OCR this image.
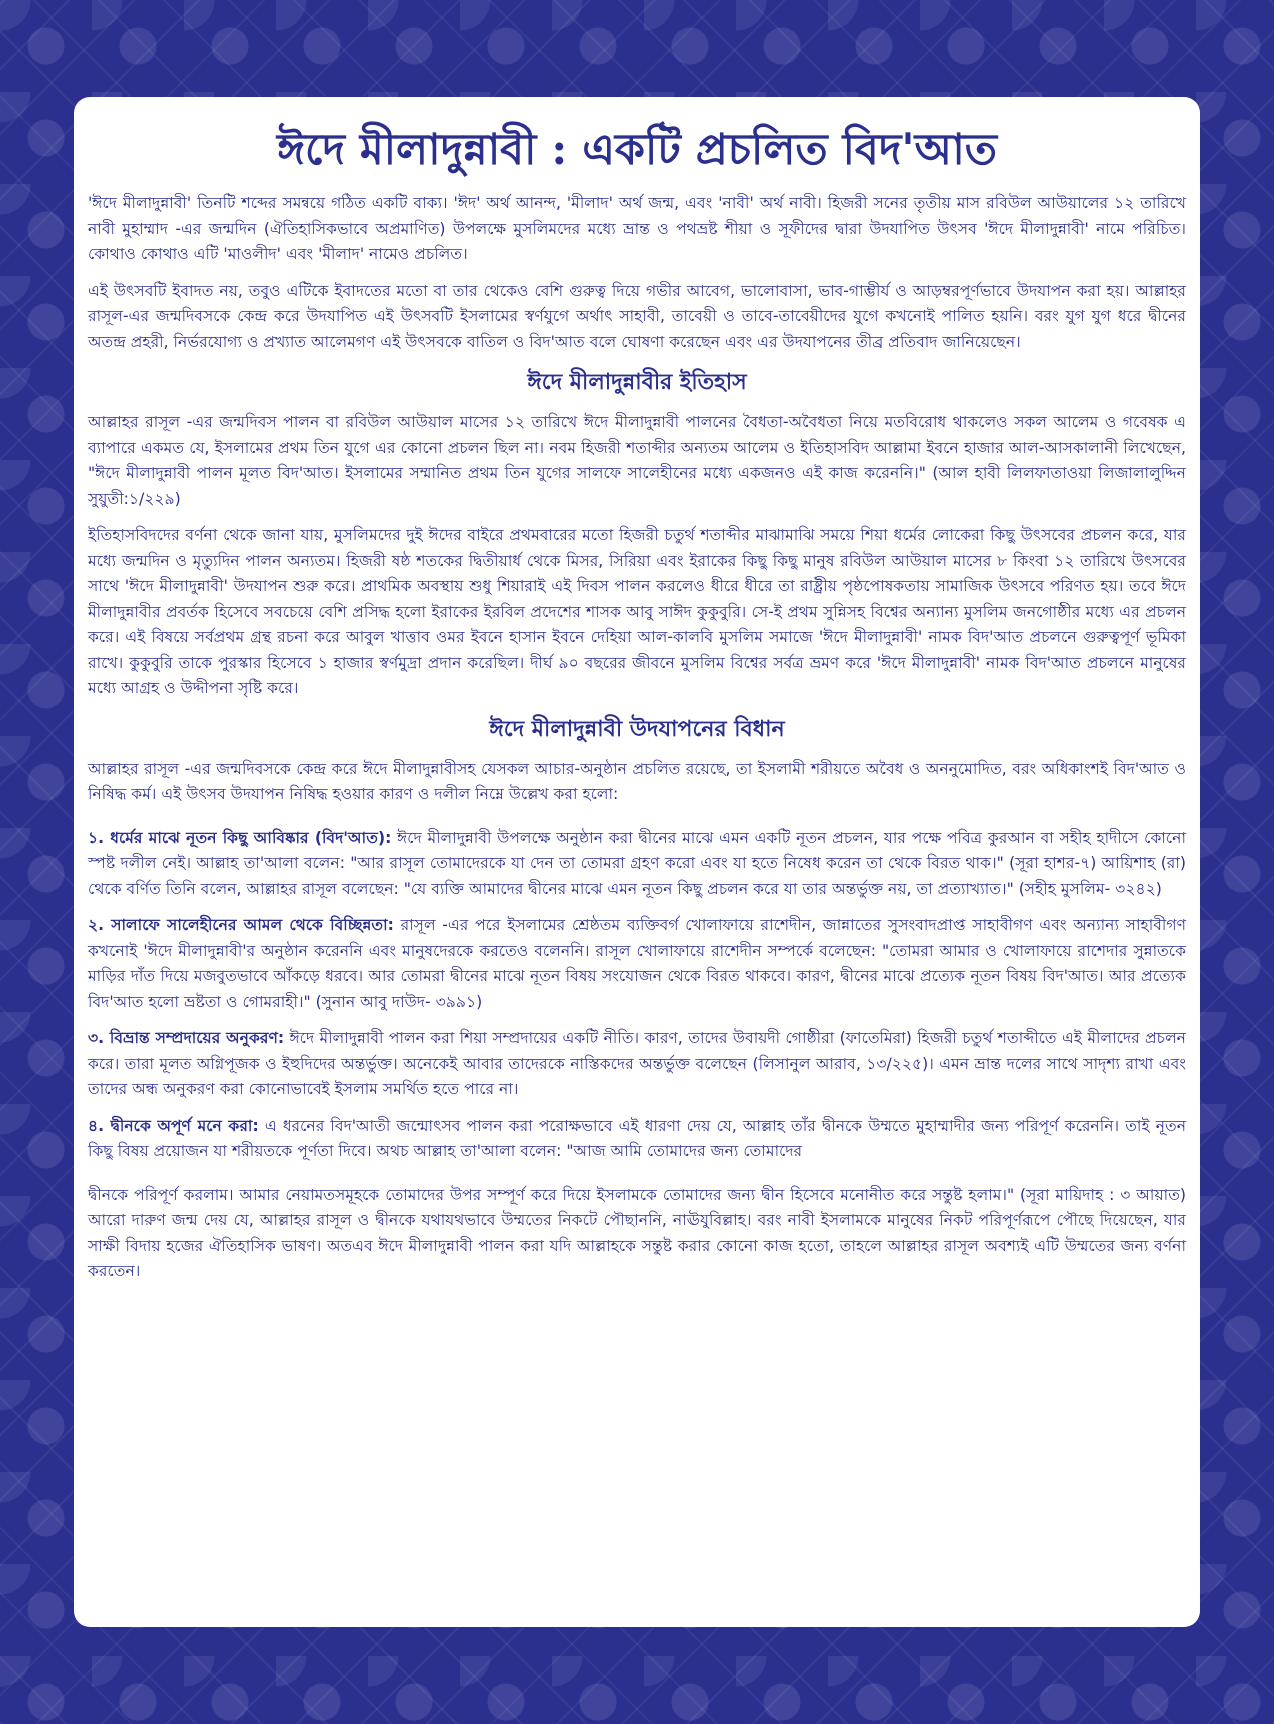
ঈদে মীলাদুন্নাবী : একটি প্রচলিত বিদ'আত

'ঈদে মীলাদুন্নাবী' তিনটি শব্দের সমন্বয়ে গঠিত একটি বাক্য। 'ঈদ' অর্থ আনন্দ, 'মীলাদ' অর্থ জন্ম, এবং 'নাবী' অর্থ নাবী। হিজরী সনের তৃতীয় মাস রবিউল আউয়ালের ১২ তারিখে নাবী মুহাম্মাদ -এর জন্মদিন (ঐতিহাসিকভাবে অপ্রমাণিত) উপলক্ষে মুসলিমদের মধ্যে ভ্রান্ত ও পথভ্রষ্ট শীয়া ও সূফীদের দ্বারা উদযাপিত উৎসব 'ঈদে মীলাদুন্নাবী' নামে পরিচিত। কোথাও কোথাও এটি 'মাওলীদ' এবং 'মীলাদ' নামেও প্রচলিত।

এই উৎসবটি ইবাদত নয়, তবুও এটিকে ইবাদতের মতো বা তার থেকেও বেশি গুরুত্ব দিয়ে গভীর আবেগ, ভালোবাসা, ভাব-গাম্ভীর্য ও আড়ম্বরপূর্ণভাবে উদযাপন করা হয়। আল্লাহর রাসূল-এর জন্মদিবসকে কেন্দ্র করে উদযাপিত এই উৎসবটি ইসলামের স্বর্ণযুগে অর্থাৎ সাহাবী, তাবেয়ী ও তাবে-তাবেয়ীদের যুগে কখনোই পালিত হয়নি। বরং যুগ যুগ ধরে দ্বীনের অতন্দ্র প্রহরী, নির্ভরযোগ্য ও প্রখ্যাত আলেমগণ এই উৎসবকে বাতিল ও বিদ'আত বলে ঘোষণা করেছেন এবং এর উদযাপনের তীব্র প্রতিবাদ জানিয়েছেন।

ঈদে মীলাদুন্নাবীর ইতিহাস

আল্লাহর রাসূল -এর জন্মদিবস পালন বা রবিউল আউয়াল মাসের ১২ তারিখে ঈদে মীলাদুন্নাবী পালনের বৈধতা-অবৈধতা নিয়ে মতবিরোধ থাকলেও সকল আলেম ও গবেষক এ ব্যাপারে একমত যে, ইসলামের প্রথম তিন যুগে এর কোনো প্রচলন ছিল না। নবম হিজরী শতাব্দীর অন্যতম আলেম ও ইতিহাসবিদ আল্লামা ইবনে হাজার আল-আসকালানী লিখেছেন, "ঈদে মীলাদুন্নাবী পালন মূলত বিদ'আত। ইসলামের সম্মানিত প্রথম তিন যুগের সালফে সালেহীনের মধ্যে একজনও এই কাজ করেননি।" (আল হাবী লিলফাতাওয়া লিজালালুদ্দিন সুয়ুতী:১/২২৯)

ইতিহাসবিদদের বর্ণনা থেকে জানা যায়, মুসলিমদের দুই ঈদের বাইরে প্রথমবারের মতো হিজরী চতুর্থ শতাব্দীর মাঝামাঝি সময়ে শিয়া ধর্মের লোকেরা কিছু উৎসবের প্রচলন করে, যার মধ্যে জন্মদিন ও মৃত্যুদিন পালন অন্যতম। হিজরী ষষ্ঠ শতকের দ্বিতীয়ার্ধ থেকে মিসর, সিরিয়া এবং ইরাকের কিছু কিছু মানুষ রবিউল আউয়াল মাসের ৮ কিংবা ১২ তারিখে উৎসবের সাথে 'ঈদে মীলাদুন্নাবী' উদযাপন শুরু করে। প্রাথমিক অবস্থায় শুধু শিয়ারাই এই দিবস পালন করলেও ধীরে ধীরে তা রাষ্ট্রীয় পৃষ্ঠপোষকতায় সামাজিক উৎসবে পরিণত হয়। তবে ঈদে মীলাদুন্নাবীর প্রবর্তক হিসেবে সবচেয়ে বেশি প্রসিদ্ধ হলো ইরাকের ইরবিল প্রদেশের শাসক আবু সাঈদ কুকুবুরি। সে-ই প্রথম সুন্নিসহ বিশ্বের অন্যান্য মুসলিম জনগোষ্ঠীর মধ্যে এর প্রচলন করে। এই বিষয়ে সর্বপ্রথম গ্রন্থ রচনা করে আবুল খাত্তাব ওমর ইবনে হাসান ইবনে দেহিয়া আল-কালবি মুসলিম সমাজে 'ঈদে মীলাদুন্নাবী' নামক বিদ'আত প্রচলনে গুরুত্বপূর্ণ ভূমিকা রাখে। কুকুবুরি তাকে পুরস্কার হিসেবে ১ হাজার স্বর্ণমুদ্রা প্রদান করেছিল। দীর্ঘ ৯০ বছরের জীবনে মুসলিম বিশ্বের সর্বত্র ভ্রমণ করে 'ঈদে মীলাদুন্নাবী' নামক বিদ'আত প্রচলনে মানুষের মধ্যে আগ্রহ ও উদ্দীপনা সৃষ্টি করে।

ঈদে মীলাদুন্নাবী উদযাপনের বিধান

আল্লাহর রাসূল -এর জন্মদিবসকে কেন্দ্র করে ঈদে মীলাদুন্নাবীসহ যেসকল আচার-অনুষ্ঠান প্রচলিত রয়েছে, তা ইসলামী শরীয়তে অবৈধ ও অননুমোদিত, বরং অধিকাংশই বিদ'আত ও নিষিদ্ধ কর্ম। এই উৎসব উদযাপন নিষিদ্ধ হওয়ার কারণ ও দলীল নিম্নে উল্লেখ করা হলো:

১. ধর্মের মাঝে নূতন কিছু আবিষ্কার (বিদ'আত): ঈদে মীলাদুন্নাবী উপলক্ষে অনুষ্ঠান করা দ্বীনের মাঝে এমন একটি নূতন প্রচলন, যার পক্ষে পবিত্র কুরআন বা সহীহ হাদীসে কোনো স্পষ্ট দলীল নেই। আল্লাহ তা'আলা বলেন: "আর রাসূল তোমাদেরকে যা দেন তা তোমরা গ্রহণ করো এবং যা হতে নিষেধ করেন তা থেকে বিরত থাক।" (সূরা হাশর-৭) আয়িশাহ (রা) থেকে বর্ণিত তিনি বলেন, আল্লাহর রাসূল বলেছেন: "যে ব্যক্তি আমাদের দ্বীনের মাঝে এমন নূতন কিছু প্রচলন করে যা তার অন্তর্ভুক্ত নয়, তা প্রত্যাখ্যাত।" (সহীহ মুসলিম- ৩২৪২)

২. সালাফে সালেহীনের আমল থেকে বিচ্ছিন্নতা: রাসূল -এর পরে ইসলামের শ্রেষ্ঠতম ব্যক্তিবর্গ খোলাফায়ে রাশেদীন, জান্নাতের সুসংবাদপ্রাপ্ত সাহাবীগণ এবং অন্যান্য সাহাবীগণ কখনোই 'ঈদে মীলাদুন্নাবী'র অনুষ্ঠান করেননি এবং মানুষদেরকে করতেও বলেননি। রাসূল খোলাফায়ে রাশেদীন সম্পর্কে বলেছেন: "তোমরা আমার ও খোলাফায়ে রাশেদার সুন্নাতকে মাড়ির দাঁত দিয়ে মজবুতভাবে আঁকড়ে ধরবে। আর তোমরা দ্বীনের মাঝে নূতন বিষয় সংযোজন থেকে বিরত থাকবে। কারণ, দ্বীনের মাঝে প্রত্যেক নূতন বিষয় বিদ'আত। আর প্রত্যেক বিদ'আত হলো ভ্রষ্টতা ও গোমরাহী।" (সুনান আবু দাউদ- ৩৯৯১)

৩. বিভ্রান্ত সম্প্রদায়ের অনুকরণ: ঈদে মীলাদুন্নাবী পালন করা শিয়া সম্প্রদায়ের একটি নীতি। কারণ, তাদের উবায়দী গোষ্ঠীরা (ফাতেমিরা) হিজরী চতুর্থ শতাব্দীতে এই মীলাদের প্রচলন করে। তারা মূলত অগ্নিপূজক ও ইহুদিদের অন্তর্ভুক্ত। অনেকেই আবার তাদেরকে নাস্তিকদের অন্তর্ভুক্ত বলেছেন (লিসানুল আরাব, ১৩/২২৫)। এমন ভ্রান্ত দলের সাথে সাদৃশ্য রাখা এবং তাদের অন্ধ অনুকরণ করা কোনোভাবেই ইসলাম সমর্থিত হতে পারে না।

৪. দ্বীনকে অপূর্ণ মনে করা: এ ধরনের বিদ'আতী জন্মোৎসব পালন করা পরোক্ষভাবে এই ধারণা দেয় যে, আল্লাহ তাঁর দ্বীনকে উম্মতে মুহাম্মাদীর জন্য পরিপূর্ণ করেননি। তাই নূতন কিছু বিষয় প্রয়োজন যা শরীয়তকে পূর্ণতা দিবে। অথচ আল্লাহ তা'আলা বলেন: "আজ আমি তোমাদের জন্য তোমাদের

দ্বীনকে পরিপূর্ণ করলাম। আমার নেয়ামতসমূহকে তোমাদের উপর সম্পূর্ণ করে দিয়ে ইসলামকে তোমাদের জন্য দ্বীন হিসেবে মনোনীত করে সন্তুষ্ট হলাম।" (সূরা মায়িদাহ : ৩ আয়াত) আরো দারুণ জন্ম দেয় যে, আল্লাহর রাসূল ও দ্বীনকে যথাযথভাবে উম্মতের নিকটে পৌছাননি, নাঊযুবিল্লাহ। বরং নাবী ইসলামকে মানুষের নিকট পরিপূর্ণরূপে পৌছে দিয়েছেন, যার সাক্ষী বিদায় হজের ঐতিহাসিক ভাষণ। অতএব ঈদে মীলাদুন্নাবী পালন করা যদি আল্লাহকে সন্তুষ্ট করার কোনো কাজ হতো, তাহলে আল্লাহর রাসূল অবশ্যই এটি উম্মতের জন্য বর্ণনা করতেন।
